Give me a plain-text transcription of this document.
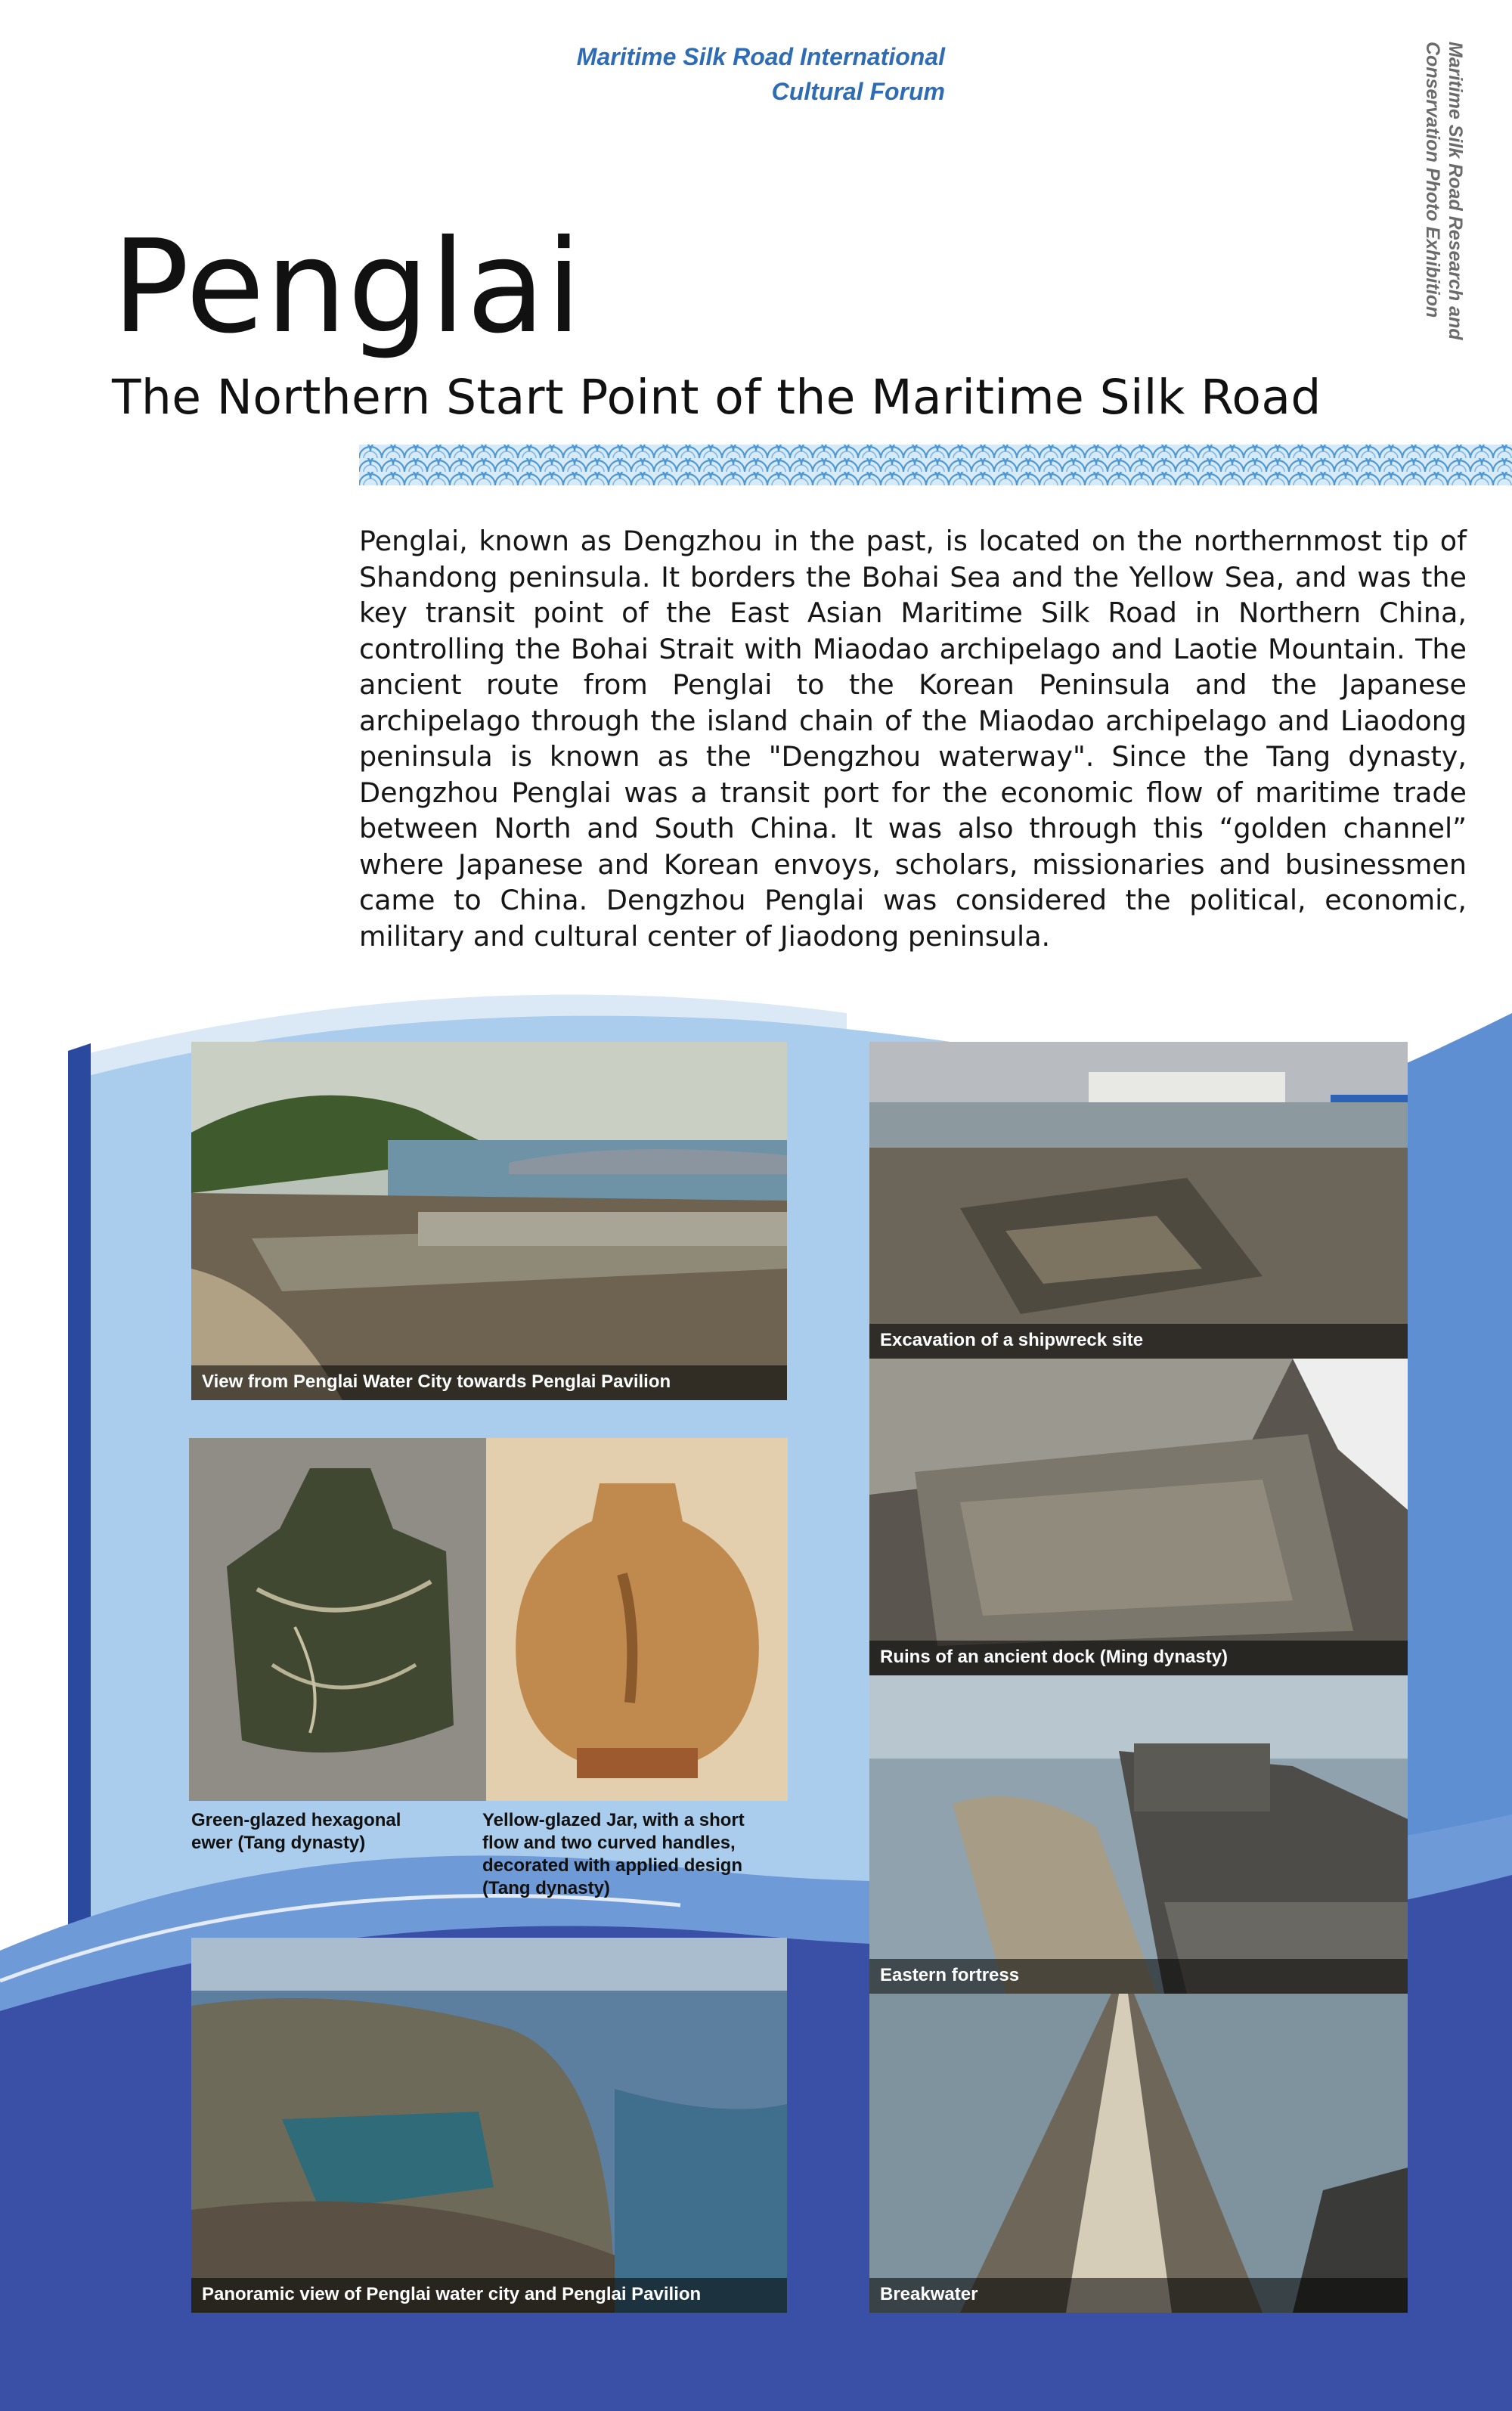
Maritime Silk Road International
Cultural Forum	Maritime Silk Road Research and
Conservation Photo Exhibition
Penglai
The Northern Start Point of the Maritime Silk Road
Penglai, known as Dengzhou in the past, is located on the northernmost tip of Shandong peninsula. It borders the Bohai Sea and the Yellow Sea, and was the key transit point of the East Asian Maritime Silk Road in Northern China, controlling the Bohai Strait with Miaodao archipelago and Laotie Mountain. The ancient route from Penglai to the Korean Peninsula and the Japanese archipelago through the island chain of the Miaodao archipelago and Liaodong peninsula is known as the "Dengzhou waterway". Since the Tang dynasty, Dengzhou Penglai was a transit port for the economic flow of maritime trade between North and South China. It was also through this “golden channel” where Japanese and Korean envoys, scholars, missionaries and businessmen came to China. Dengzhou Penglai was considered the political, economic, military and cultural center of Jiaodong peninsula.
View from Penglai Water City towards Penglai Pavilion
Green-glazed hexagonal
ewer (Tang dynasty)
Yellow-glazed Jar, with a short
flow and two curved handles,
decorated with applied design
(Tang dynasty)
Panoramic view of Penglai water city and Penglai Pavilion
Excavation of a shipwreck site
Ruins of an ancient dock (Ming dynasty)
Eastern fortress
Breakwater
